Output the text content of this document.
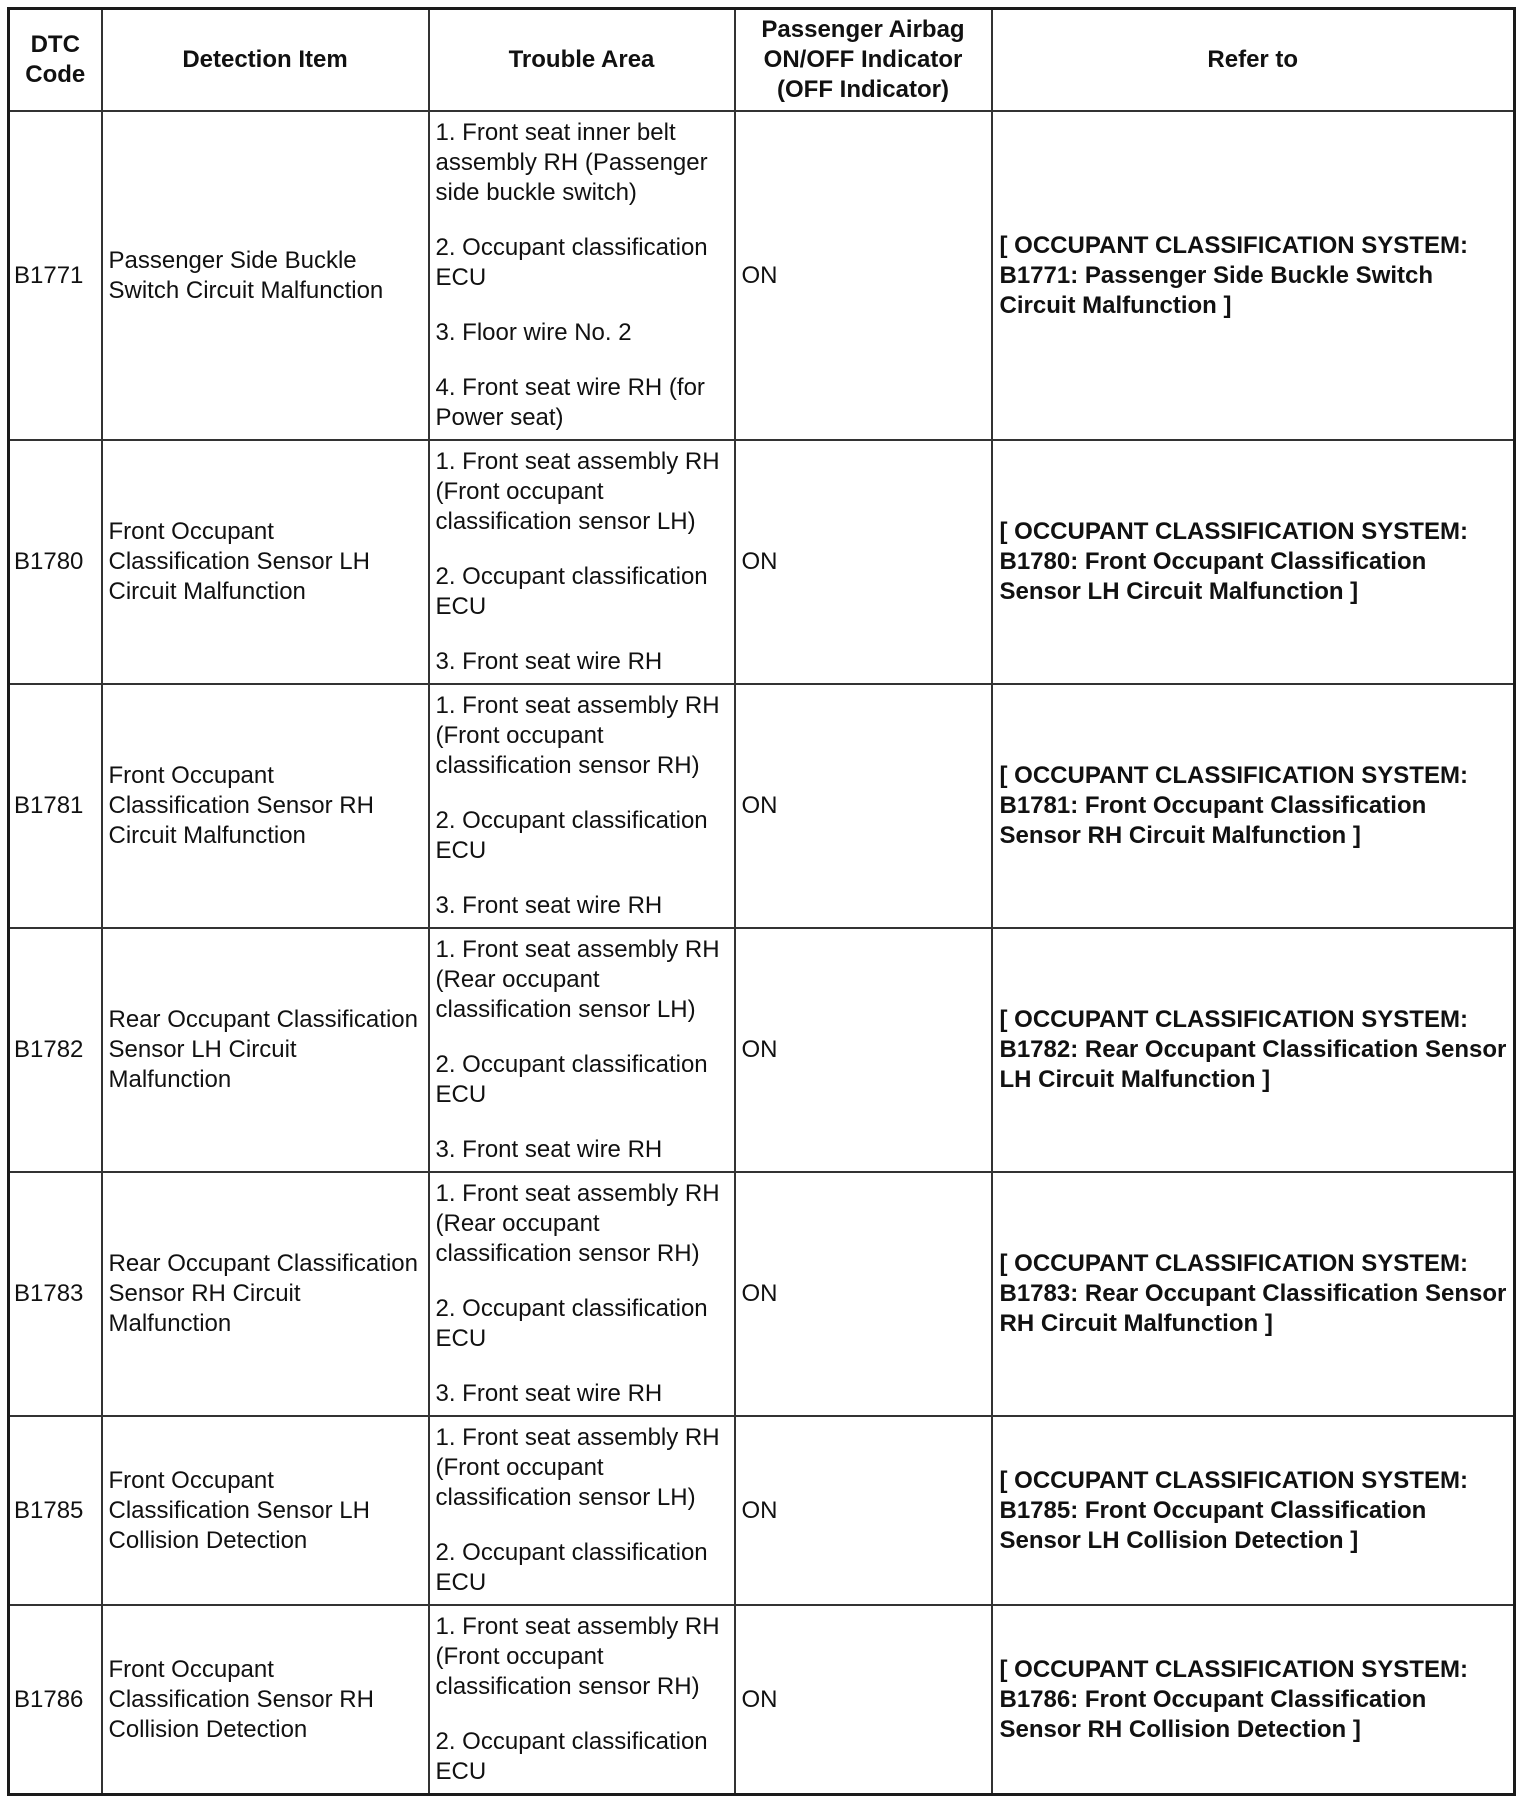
DTC Code	Detection Item	Trouble Area	Passenger Airbag ON/OFF Indicator (OFF Indicator)	Refer to
B1771	Passenger Side Buckle Switch Circuit Malfunction	1. Front seat inner belt assembly RH (Passenger side buckle switch)
2. Occupant classification ECU
3. Floor wire No. 2
4. Front seat wire RH (for Power seat)	ON	[ OCCUPANT CLASSIFICATION SYSTEM: B1771: Passenger Side Buckle Switch Circuit Malfunction ]
B1780	Front Occupant Classification Sensor LH Circuit Malfunction	1. Front seat assembly RH (Front occupant classification sensor LH)
2. Occupant classification ECU
3. Front seat wire RH	ON	[ OCCUPANT CLASSIFICATION SYSTEM: B1780: Front Occupant Classification Sensor LH Circuit Malfunction ]
B1781	Front Occupant Classification Sensor RH Circuit Malfunction	1. Front seat assembly RH (Front occupant classification sensor RH)
2. Occupant classification ECU
3. Front seat wire RH	ON	[ OCCUPANT CLASSIFICATION SYSTEM: B1781: Front Occupant Classification Sensor RH Circuit Malfunction ]
B1782	Rear Occupant Classification Sensor LH Circuit Malfunction	1. Front seat assembly RH (Rear occupant classification sensor LH)
2. Occupant classification ECU
3. Front seat wire RH	ON	[ OCCUPANT CLASSIFICATION SYSTEM: B1782: Rear Occupant Classification Sensor LH Circuit Malfunction ]
B1783	Rear Occupant Classification Sensor RH Circuit Malfunction	1. Front seat assembly RH (Rear occupant classification sensor RH)
2. Occupant classification ECU
3. Front seat wire RH	ON	[ OCCUPANT CLASSIFICATION SYSTEM: B1783: Rear Occupant Classification Sensor RH Circuit Malfunction ]
B1785	Front Occupant Classification Sensor LH Collision Detection	1. Front seat assembly RH (Front occupant classification sensor LH)
2. Occupant classification ECU	ON	[ OCCUPANT CLASSIFICATION SYSTEM: B1785: Front Occupant Classification Sensor LH Collision Detection ]
B1786	Front Occupant Classification Sensor RH Collision Detection	1. Front seat assembly RH (Front occupant classification sensor RH)
2. Occupant classification ECU	ON	[ OCCUPANT CLASSIFICATION SYSTEM: B1786: Front Occupant Classification Sensor RH Collision Detection ]
